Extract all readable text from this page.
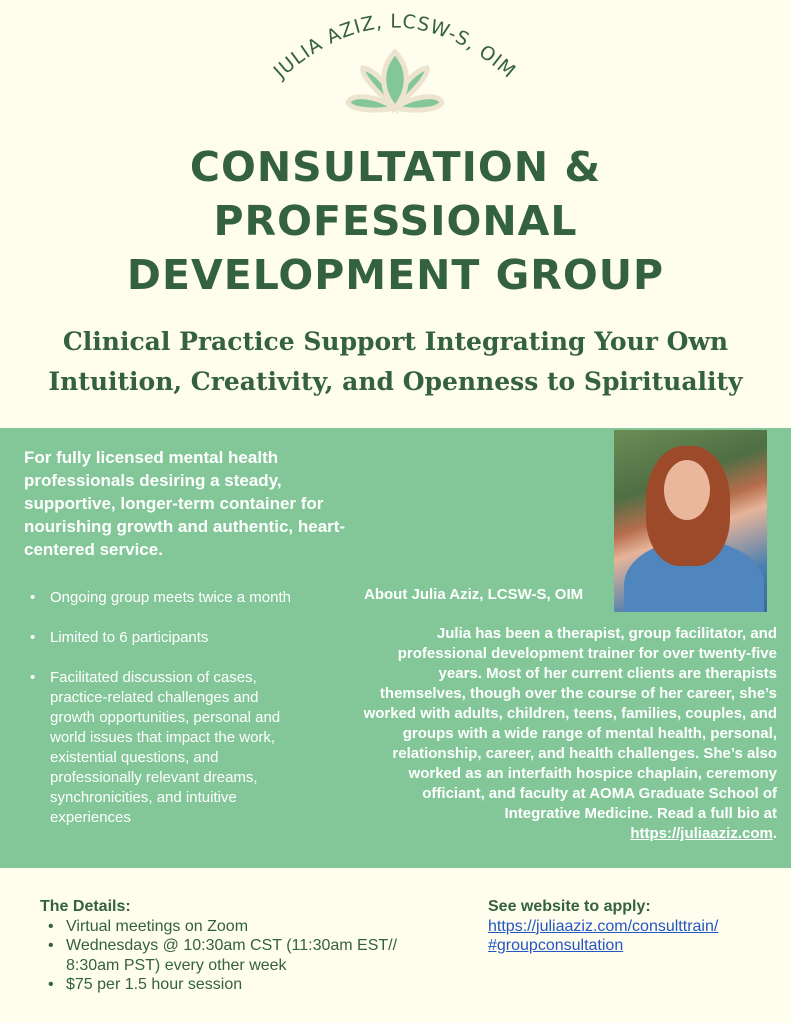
JULIA AZIZ, LCSW-S, OIM
CONSULTATION &
PROFESSIONAL
DEVELOPMENT GROUP
Clinical Practice Support Integrating Your Own
Intuition, Creativity, and Openness to Spirituality

For fully licensed mental health professionals desiring a steady, supportive, longer-term container for nourishing growth and authentic, heart-centered service.

• Ongoing group meets twice a month
• Limited to 6 participants
• Facilitated discussion of cases, practice-related challenges and growth opportunities, personal and world issues that impact the work, existential questions, and professionally relevant dreams, synchronicities, and intuitive experiences
About Julia Aziz, LCSW-S, OIM

Julia has been a therapist, group facilitator, and professional development trainer for over twenty-five years. Most of her current clients are therapists themselves, though over the course of her career, she’s worked with adults, children, teens, families, couples, and groups with a wide range of mental health, personal, relationship, career, and health challenges. She’s also worked as an interfaith hospice chaplain, ceremony officiant, and faculty at AOMA Graduate School of Integrative Medicine. Read a full bio at https://juliaaziz.com.

The Details:
• Virtual meetings on Zoom
• Wednesdays @ 10:30am CST (11:30am EST// 8:30am PST) every other week
• $75 per 1.5 hour session
See website to apply:
https://juliaaziz.com/consulttrain/
#groupconsultation
